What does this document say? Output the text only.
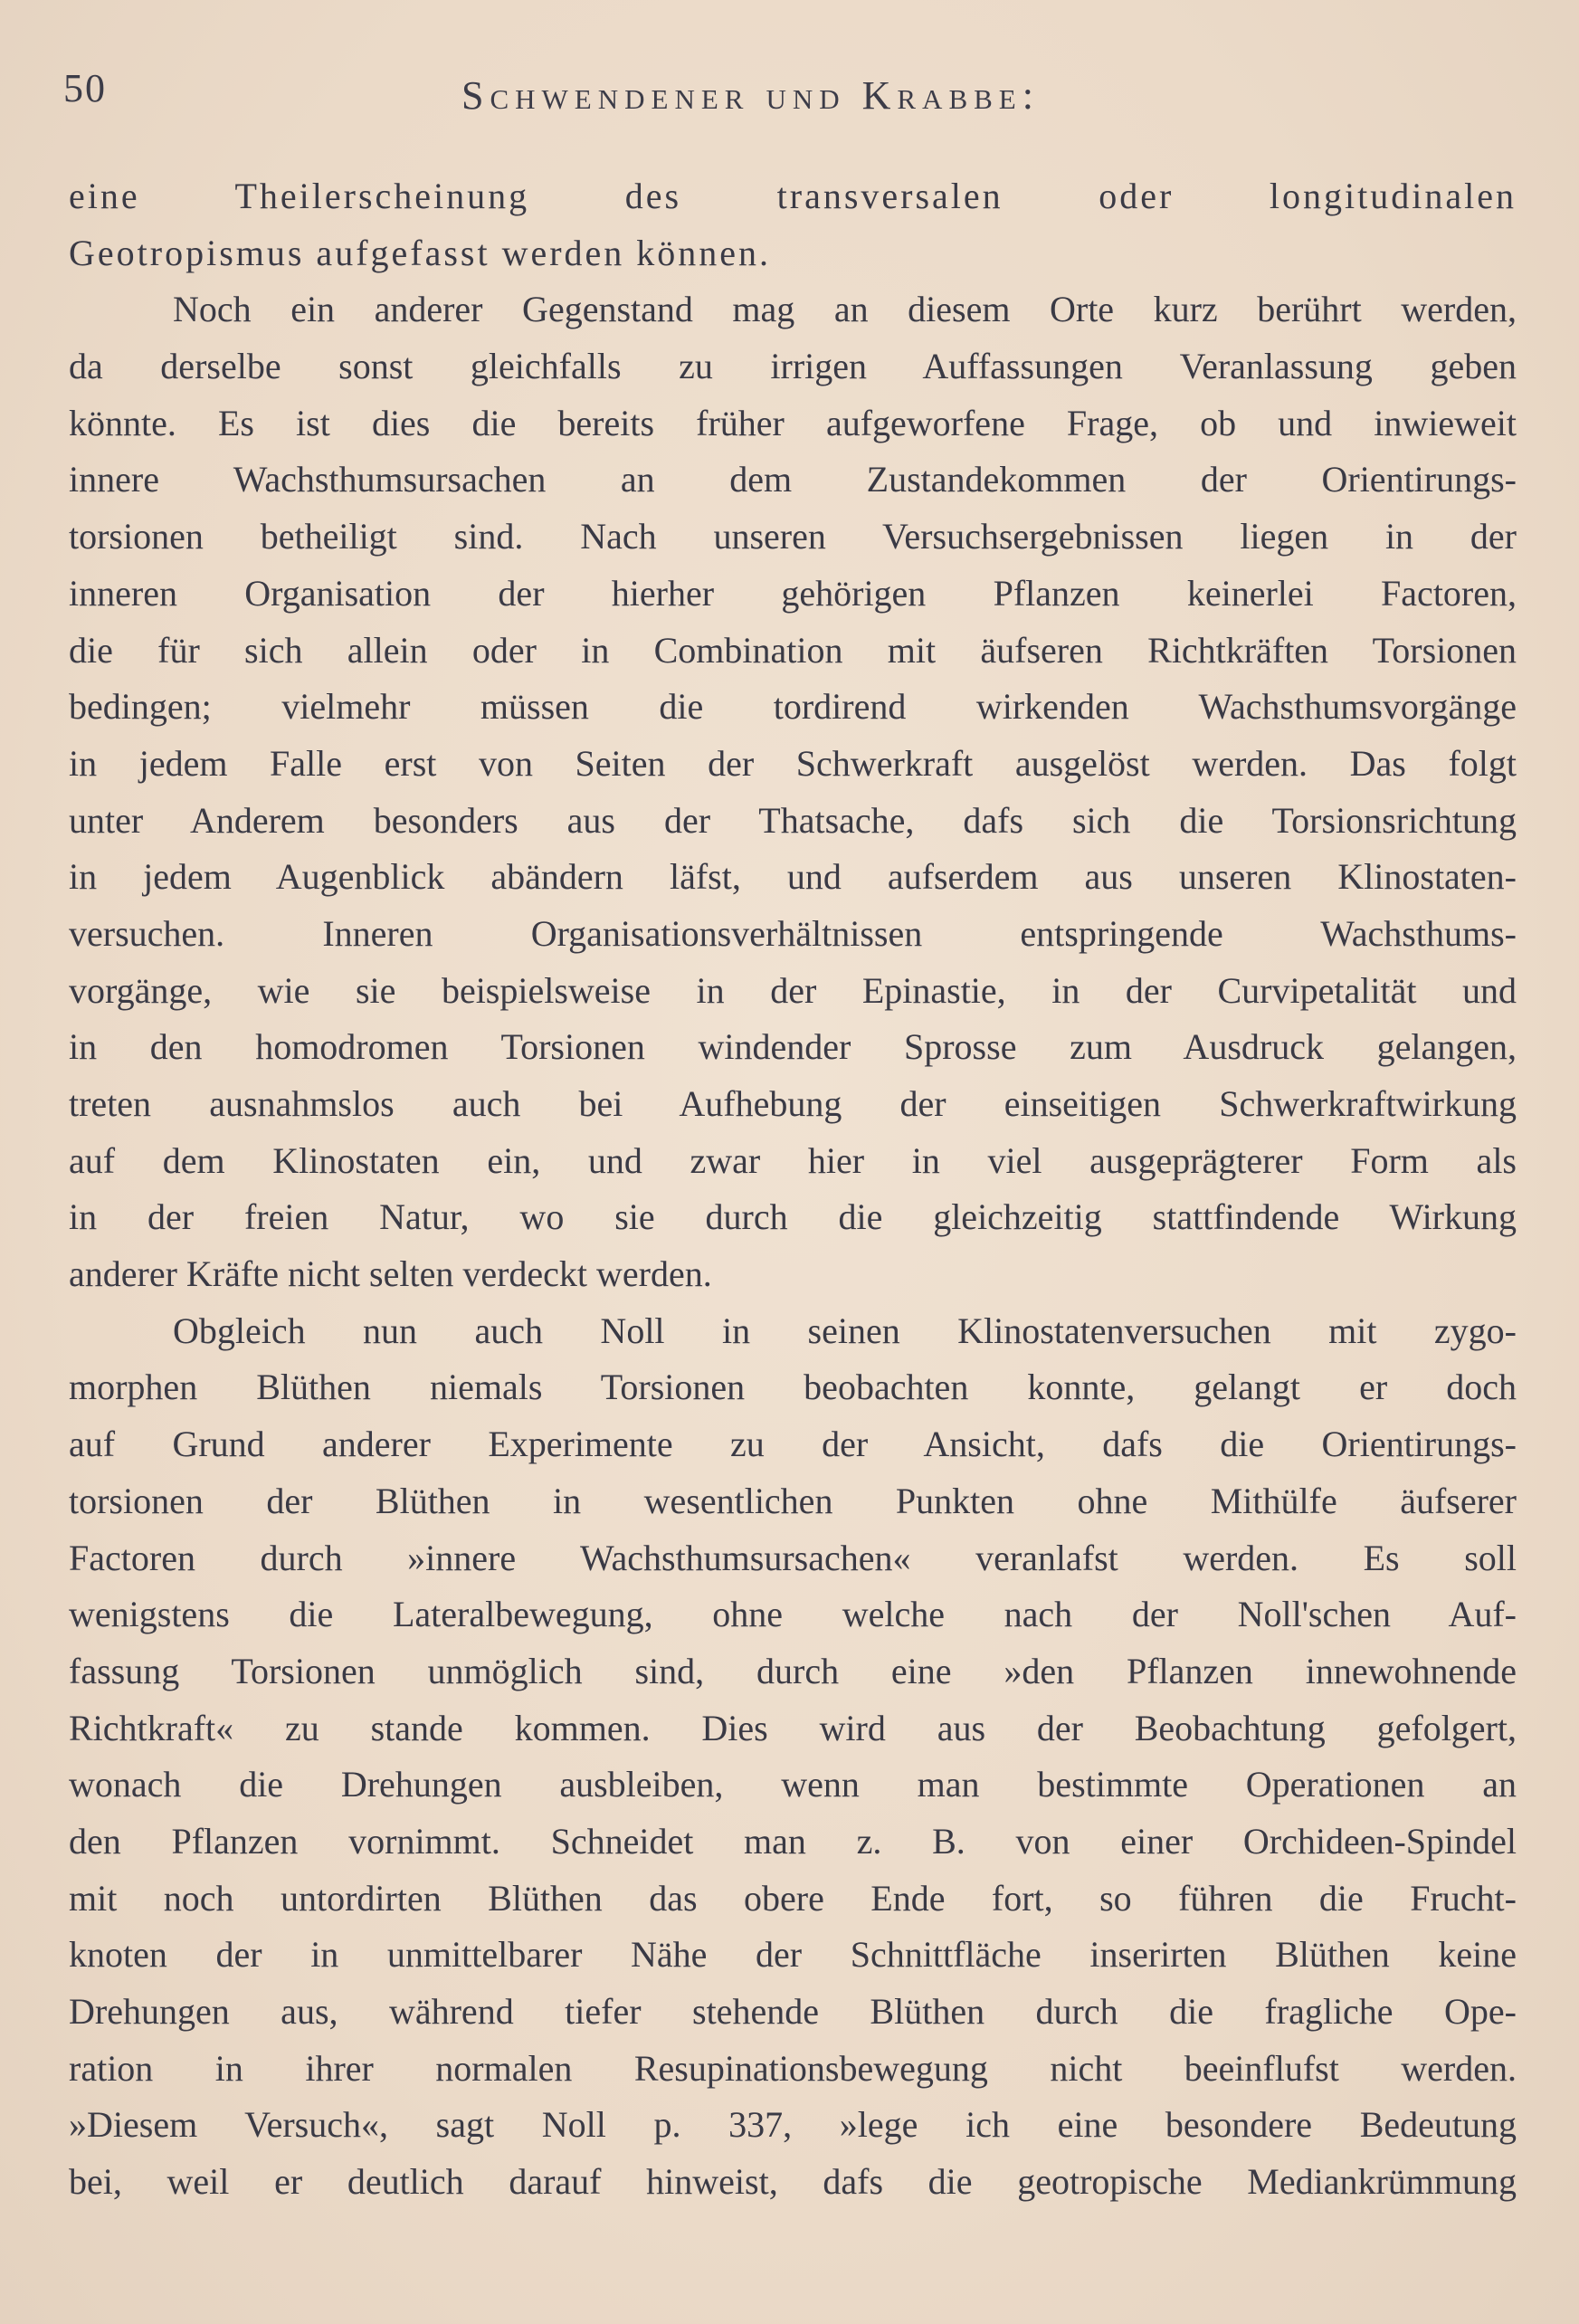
50	Schwendener und Krabbe:
eine Theilerscheinung des transversalen oder longitudinalen
Geotropismus aufgefasst werden können.
Noch ein anderer Gegenstand mag an diesem Orte kurz berührt werden,
da derselbe sonst gleichfalls zu irrigen Auffassungen Veranlassung geben
könnte. Es ist dies die bereits früher aufgeworfene Frage, ob und inwieweit
innere Wachsthumsursachen an dem Zustandekommen der Orientirungs-
torsionen betheiligt sind. Nach unseren Versuchsergebnissen liegen in der
inneren Organisation der hierher gehörigen Pflanzen keinerlei Factoren,
die für sich allein oder in Combination mit äufseren Richtkräften Torsionen
bedingen; vielmehr müssen die tordirend wirkenden Wachsthumsvorgänge
in jedem Falle erst von Seiten der Schwerkraft ausgelöst werden. Das folgt
unter Anderem besonders aus der Thatsache, dafs sich die Torsionsrichtung
in jedem Augenblick abändern läfst, und aufserdem aus unseren Klinostaten-
versuchen. Inneren Organisationsverhältnissen entspringende Wachsthums-
vorgänge, wie sie beispielsweise in der Epinastie, in der Curvipetalität und
in den homodromen Torsionen windender Sprosse zum Ausdruck gelangen,
treten ausnahmslos auch bei Aufhebung der einseitigen Schwerkraftwirkung
auf dem Klinostaten ein, und zwar hier in viel ausgeprägterer Form als
in der freien Natur, wo sie durch die gleichzeitig stattfindende Wirkung
anderer Kräfte nicht selten verdeckt werden.
Obgleich nun auch Noll in seinen Klinostatenversuchen mit zygo-
morphen Blüthen niemals Torsionen beobachten konnte, gelangt er doch
auf Grund anderer Experimente zu der Ansicht, dafs die Orientirungs-
torsionen der Blüthen in wesentlichen Punkten ohne Mithülfe äufserer
Factoren durch »innere Wachsthumsursachen« veranlafst werden. Es soll
wenigstens die Lateralbewegung, ohne welche nach der Noll'schen Auf-
fassung Torsionen unmöglich sind, durch eine »den Pflanzen innewohnende
Richtkraft« zu stande kommen. Dies wird aus der Beobachtung gefolgert,
wonach die Drehungen ausbleiben, wenn man bestimmte Operationen an
den Pflanzen vornimmt. Schneidet man z. B. von einer Orchideen-Spindel
mit noch untordirten Blüthen das obere Ende fort, so führen die Frucht-
knoten der in unmittelbarer Nähe der Schnittfläche inserirten Blüthen keine
Drehungen aus, während tiefer stehende Blüthen durch die fragliche Ope-
ration in ihrer normalen Resupinationsbewegung nicht beeinflufst werden.
»Diesem Versuch«, sagt Noll p. 337, »lege ich eine besondere Bedeutung
bei, weil er deutlich darauf hinweist, dafs die geotropische Mediankrümmung
